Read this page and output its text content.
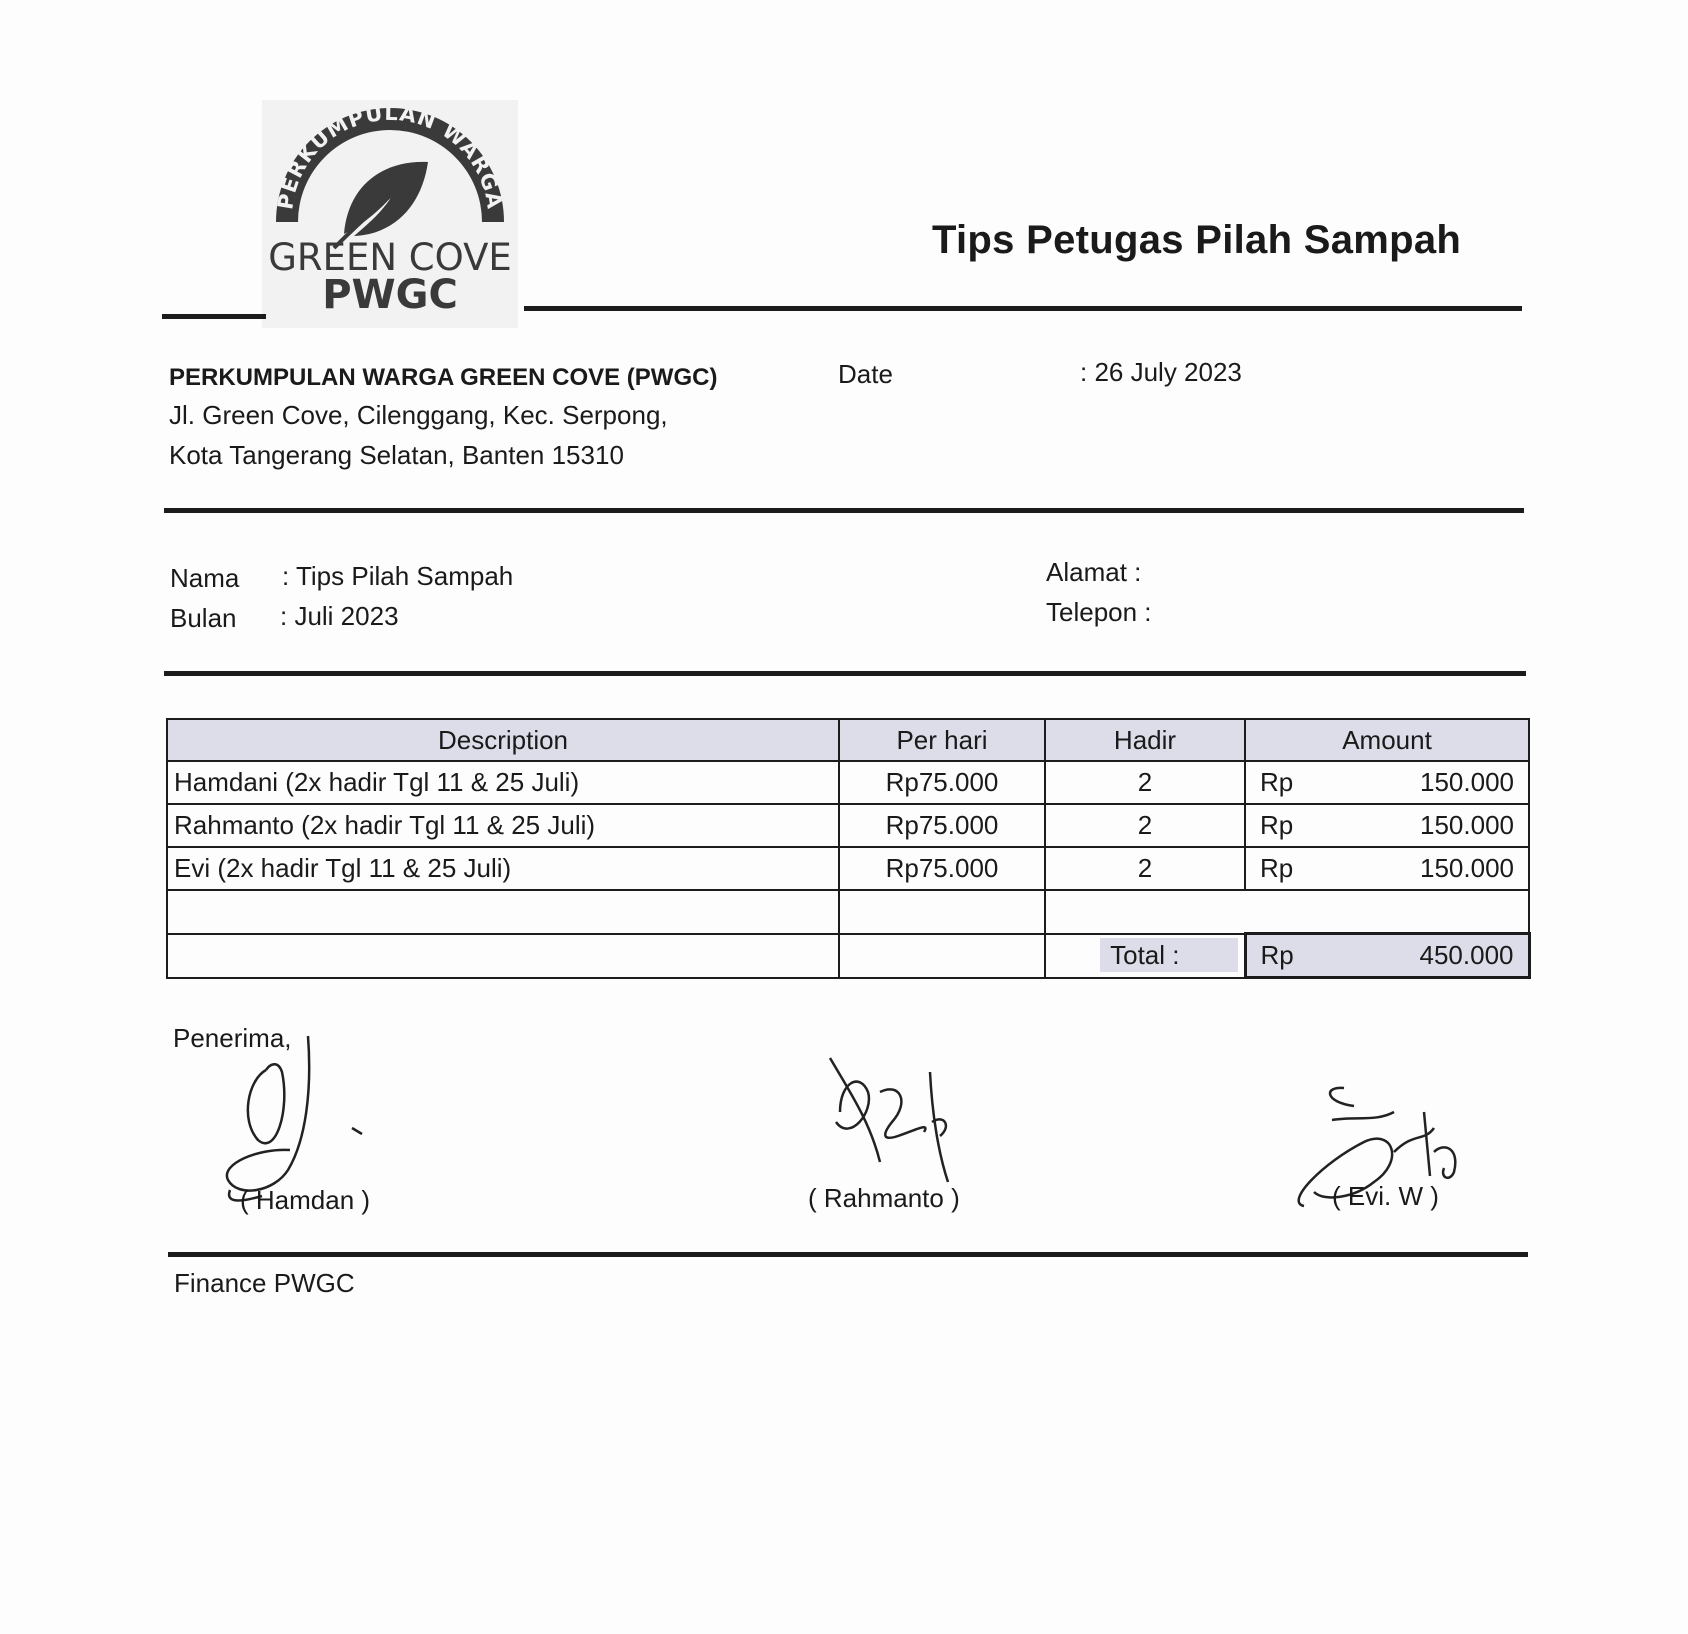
PERKUMPULAN WARGA
GREEN COVE
PWGC
Tips Petugas Pilah Sampah
PERKUMPULAN WARGA GREEN COVE (PWGC)
Jl. Green Cove, Cilenggang, Kec. Serpong,
Kota Tangerang Selatan, Banten 15310
Date	: 26 July 2023
Nama : Tips Pilah Sampah
Bulan : Juli 2023
Alamat :
Telepon :
Description	Per hari	Hadir	Amount
Hamdani (2x hadir Tgl 11 & 25 Juli)	Rp75.000	2	Rp 150.000

Rahmanto (2x hadir Tgl 11 & 25 Juli)	Rp75.000	2	Rp 150.000

Evi (2x hadir Tgl 11 & 25 Juli)	Rp75.000	2	Rp 150.000

		Total :	Rp 450.000
Penerima,
( Hamdan )	( Rahmanto )	( Evi. W )
Finance PWGC
